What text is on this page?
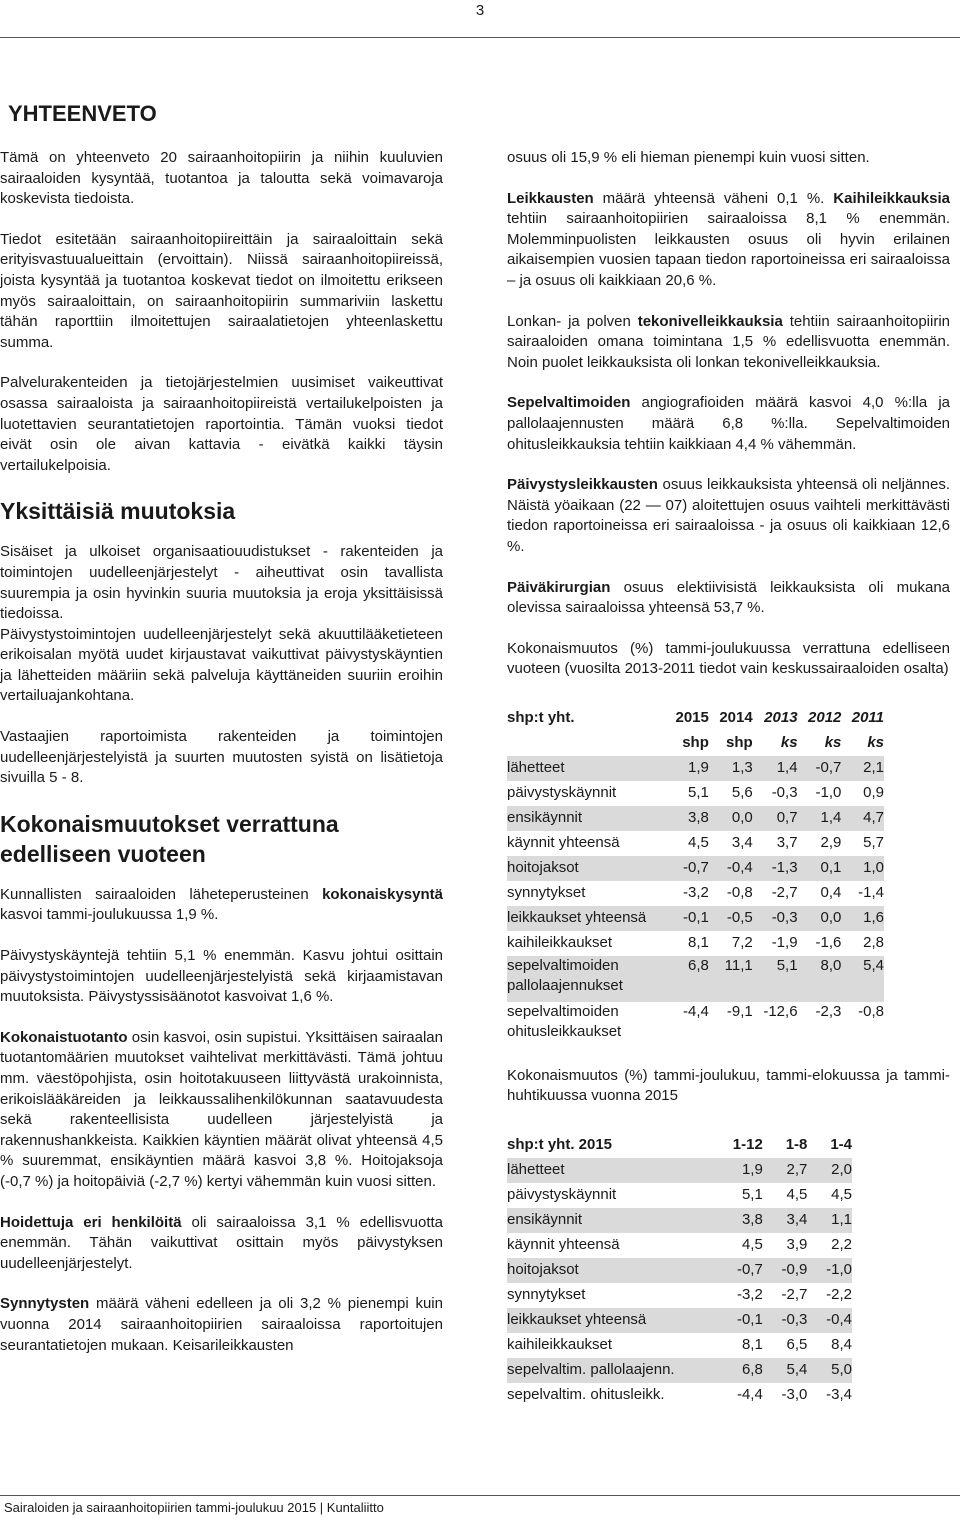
3
YHTEENVETO

Tämä on yhteenveto 20 sairaanhoitopiirin ja niihin kuuluvien sairaaloiden kysyntää, tuotantoa ja taloutta sekä voimavaroja koskevista tiedoista.

Tiedot esitetään sairaanhoitopiireittäin ja sairaaloittain sekä erityisvastuualueittain (ervoittain). Niissä sairaanhoitopiireissä, joista kysyntää ja tuotantoa koskevat tiedot on ilmoitettu erikseen myös sairaaloittain, on sairaanhoitopiirin summariviin laskettu tähän raporttiin ilmoitettujen sairaalatietojen yhteenlaskettu summa.

Palvelurakenteiden ja tietojärjestelmien uusimiset vaikeuttivat osassa sairaaloista ja sairaanhoitopiireistä vertailukelpoisten ja luotettavien seurantatietojen raportointia. Tämän vuoksi tiedot eivät osin ole aivan kattavia - eivätkä kaikki täysin vertailukelpoisia.

Yksittäisiä muutoksia

Sisäiset ja ulkoiset organisaatiouudistukset - rakenteiden ja toimintojen uudelleenjärjestelyt - aiheuttivat osin tavallista suurempia ja osin hyvinkin suuria muutoksia ja eroja yksittäisissä tiedoissa.

Päivystystoimintojen uudelleenjärjestelyt sekä akuuttilääketieteen erikoisalan myötä uudet kirjaustavat vaikuttivat päivystyskäyntien ja lähetteiden määriin sekä palveluja käyttäneiden suuriin eroihin vertailuajankohtana.

Vastaajien raportoimista rakenteiden ja toimintojen uudelleenjärjestelyistä ja suurten muutosten syistä on lisätietoja sivuilla 5 - 8.

Kokonaismuutokset verrattuna edelliseen vuoteen

Kunnallisten sairaaloiden läheteperusteinen kokonaiskysyntä kasvoi tammi-joulukuussa 1,9 %.

Päivystyskäyntejä tehtiin 5,1 % enemmän. Kasvu johtui osittain päivystystoimintojen uudelleenjärjestelyistä sekä kirjaamistavan muutoksista. Päivystyssisäänotot kasvoivat 1,6 %.

Kokonaistuotanto osin kasvoi, osin supistui. Yksittäisen sairaalan tuotantomäärien muutokset vaihtelivat merkittävästi. Tämä johtuu mm. väestöpohjista, osin hoitotakuuseen liittyvästä urakoinnista, erikoislääkäreiden ja leikkaussalihenkilökunnan saatavuudesta sekä rakenteellisista uudelleen järjestelyistä ja rakennushankkeista. Kaikkien käyntien määrät olivat yhteensä 4,5 % suuremmat, ensikäyntien määrä kasvoi 3,8 %. Hoitojaksoja (-0,7 %) ja hoitopäiviä (-2,7 %) kertyi vähemmän kuin vuosi sitten.

Hoidettuja eri henkilöitä oli sairaaloissa 3,1 % edellisvuotta enemmän. Tähän vaikuttivat osittain myös päivystyksen uudelleenjärjestelyt.

Synnytysten määrä väheni edelleen ja oli 3,2 % pienempi kuin vuonna 2014 sairaanhoitopiirien sairaaloissa raportoitujen seurantatietojen mukaan. Keisarileikkausten

osuus oli 15,9 % eli hieman pienempi kuin vuosi sitten.

Leikkausten määrä yhteensä väheni 0,1 %. Kaihileikkauksia tehtiin sairaanhoitopiirien sairaaloissa 8,1 % enemmän. Molemminpuolisten leikkausten osuus oli hyvin erilainen aikaisempien vuosien tapaan tiedon raportoineissa eri sairaaloissa – ja osuus oli kaikkiaan 20,6 %.

Lonkan- ja polven tekonivelleikkauksia tehtiin sairaanhoitopiirin sairaaloiden omana toimintana 1,5 % edellisvuotta enemmän. Noin puolet leikkauksista oli lonkan tekonivelleikkauksia.

Sepelvaltimoiden angiografioiden määrä kasvoi 4,0 %:lla ja pallolaajennusten määrä 6,8 %:lla. Sepelvaltimoiden ohitusleikkauksia tehtiin kaikkiaan 4,4 % vähemmän.

Päivystysleikkausten osuus leikkauksista yhteensä oli neljännes. Näistä yöaikaan (22 — 07) aloitettujen osuus vaihteli merkittävästi tiedon raportoineissa eri sairaaloissa - ja osuus oli kaikkiaan 12,6 %.

Päiväkirurgian osuus elektiivisistä leikkauksista oli mukana olevissa sairaaloissa yhteensä 53,7 %.

Kokonaismuutos (%) tammi-joulukuussa verrattuna edelliseen vuoteen (vuosilta 2013-2011 tiedot vain keskussairaaloiden osalta)

shp:t yht.	2015	2014	2013	2012	2011
	shp	shp	ks	ks	ks
lähetteet	1,9	1,3	1,4	-0,7	2,1
päivystyskäynnit	5,1	5,6	-0,3	-1,0	0,9
ensikäynnit	3,8	0,0	0,7	1,4	4,7
käynnit yhteensä	4,5	3,4	3,7	2,9	5,7
hoitojaksot	-0,7	-0,4	-1,3	0,1	1,0
synnytykset	-3,2	-0,8	-2,7	0,4	-1,4
leikkaukset yhteensä	-0,1	-0,5	-0,3	0,0	1,6
kaihileikkaukset	8,1	7,2	-1,9	-1,6	2,8
sepelvaltimoiden pallolaajennukset	6,8	11,1	5,1	8,0	5,4
sepelvaltimoiden ohitusleikkaukset	-4,4	-9,1	-12,6	-2,3	-0,8

Kokonaismuutos (%) tammi-joulukuu, tammi-elokuussa ja tammi-huhtikuussa vuonna 2015

shp:t yht. 2015	1-12	1-8	1-4
lähetteet	1,9	2,7	2,0
päivystyskäynnit	5,1	4,5	4,5
ensikäynnit	3,8	3,4	1,1
käynnit yhteensä	4,5	3,9	2,2
hoitojaksot	-0,7	-0,9	-1,0
synnytykset	-3,2	-2,7	-2,2
leikkaukset yhteensä	-0,1	-0,3	-0,4
kaihileikkaukset	8,1	6,5	8,4
sepelvaltim. pallolaajenn.	6,8	5,4	5,0
sepelvaltim. ohitusleikk.	-4,4	-3,0	-3,4
Sairaloiden ja sairaanhoitopiirien tammi-joulukuu 2015 | Kuntaliitto
